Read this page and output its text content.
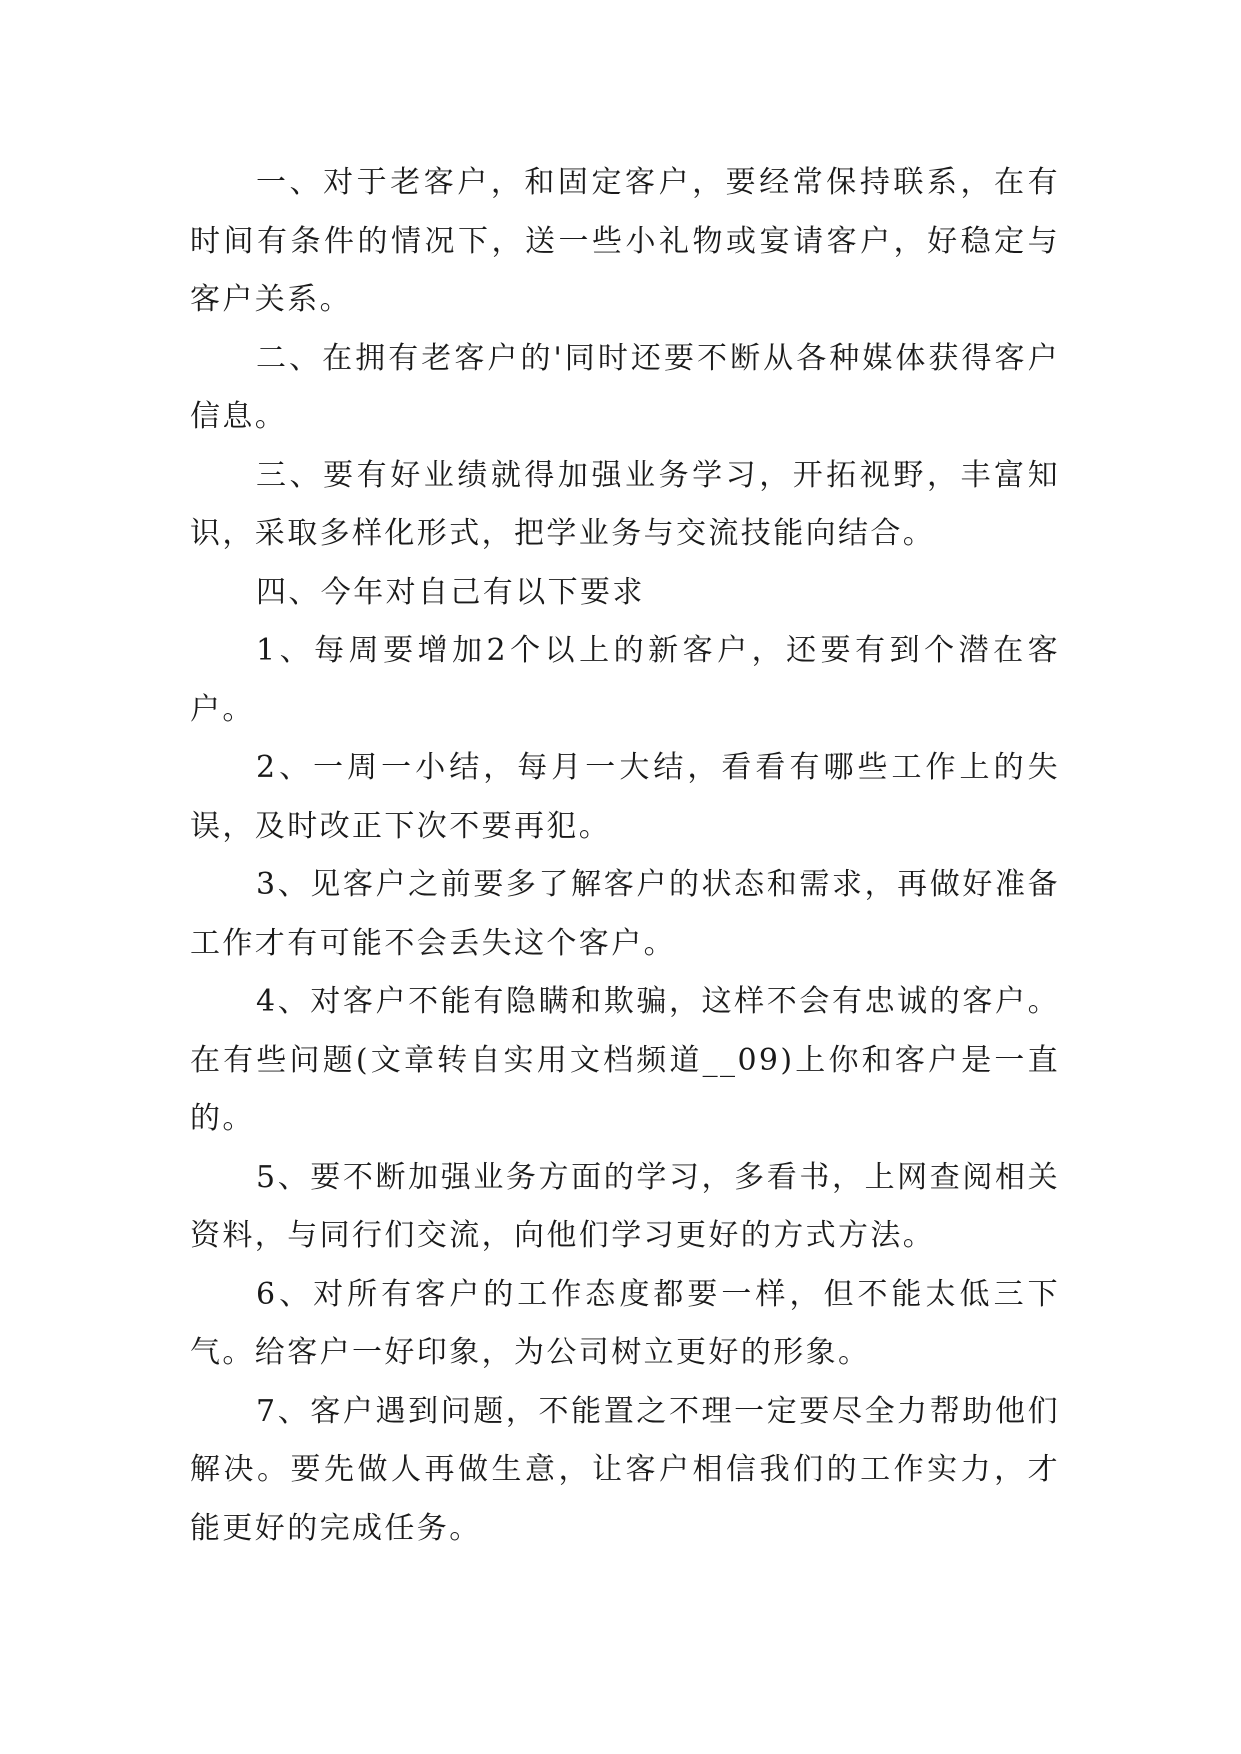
一、对于老客户，和固定客户，要经常保持联系，在有时间有条件的情况下，送一些小礼物或宴请客户，好稳定与客户关系。

二、在拥有老客户的'同时还要不断从各种媒体获得客户信息。

三、要有好业绩就得加强业务学习，开拓视野，丰富知识，采取多样化形式，把学业务与交流技能向结合。

四、今年对自己有以下要求

1、每周要增加2个以上的新客户，还要有到个潜在客户。

2、一周一小结，每月一大结，看看有哪些工作上的失误，及时改正下次不要再犯。

3、见客户之前要多了解客户的状态和需求，再做好准备工作才有可能不会丢失这个客户。

4、对客户不能有隐瞒和欺骗，这样不会有忠诚的客户。在有些问题(文章转自实用文档频道__09)上你和客户是一直的。

5、要不断加强业务方面的学习，多看书，上网查阅相关资料，与同行们交流，向他们学习更好的方式方法。

6、对所有客户的工作态度都要一样，但不能太低三下气。给客户一好印象，为公司树立更好的形象。

7、客户遇到问题，不能置之不理一定要尽全力帮助他们解决。要先做人再做生意，让客户相信我们的工作实力，才能更好的完成任务。
